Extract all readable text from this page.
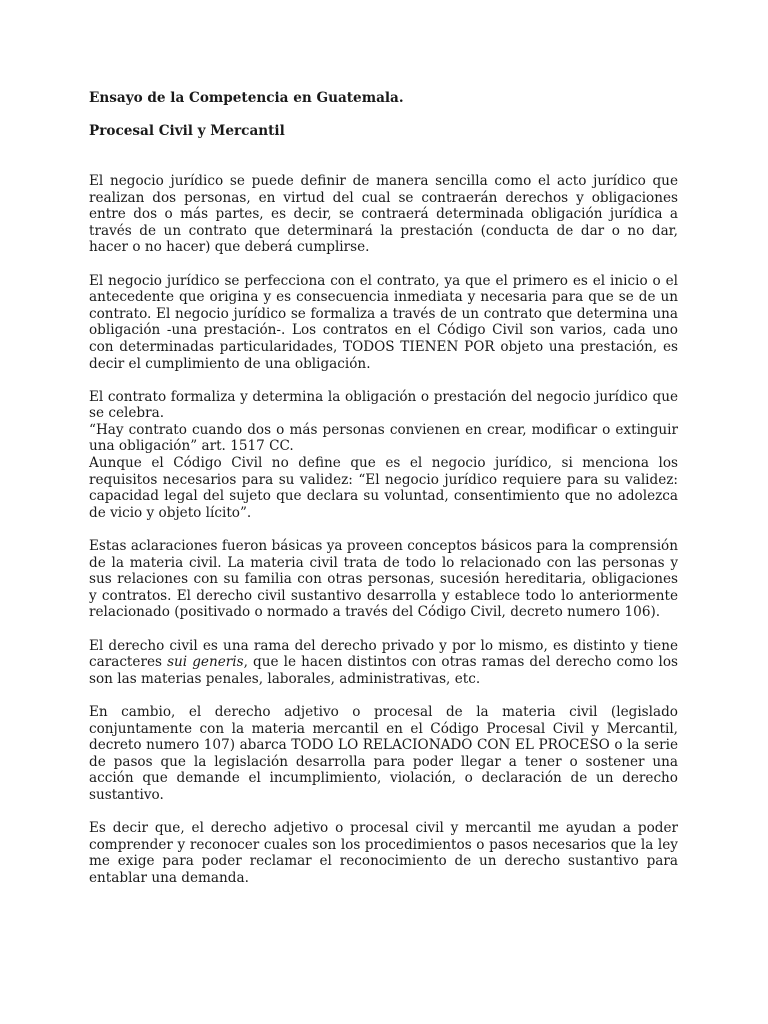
Ensayo de la Competencia en Guatemala.

Procesal Civil y Mercantil

El negocio jurídico se puede definir de manera sencilla como el acto jurídico que realizan dos personas, en virtud del cual se contraerán derechos y obligaciones entre dos o más partes, es decir, se contraerá determinada obligación jurídica a través de un contrato que determinará la prestación (conducta de dar o no dar, hacer o no hacer) que deberá cumplirse.

El negocio jurídico se perfecciona con el contrato, ya que el primero es el inicio o el antecedente que origina y es consecuencia inmediata y necesaria para que se de un contrato. El negocio jurídico se formaliza a través de un contrato que determina una obligación -una prestación-. Los contratos en el Código Civil son varios, cada uno con determinadas particularidades, TODOS TIENEN POR objeto una prestación, es decir el cumplimiento de una obligación.

El contrato formaliza y determina la obligación o prestación del negocio jurídico que se celebra.

“Hay contrato cuando dos o más personas convienen en crear, modificar o extinguir una obligación” art. 1517 CC.

Aunque el Código Civil no define que es el negocio jurídico, si menciona los requisitos necesarios para su validez: “El negocio jurídico requiere para su validez: capacidad legal del sujeto que declara su voluntad, consentimiento que no adolezca de vicio y objeto lícito”.

Estas aclaraciones fueron básicas ya proveen conceptos básicos para la comprensión de la materia civil. La materia civil trata de todo lo relacionado con las personas y sus relaciones con su familia con otras personas, sucesión hereditaria, obligaciones y contratos. El derecho civil sustantivo desarrolla y establece todo lo anteriormente relacionado (positivado o normado a través del Código Civil, decreto numero 106).

El derecho civil es una rama del derecho privado y por lo mismo, es distinto y tiene caracteres sui generis, que le hacen distintos con otras ramas del derecho como los son las materias penales, laborales, administrativas, etc.

En cambio, el derecho adjetivo o procesal de la materia civil (legislado conjuntamente con la materia mercantil en el Código Procesal Civil y Mercantil, decreto numero 107) abarca TODO LO RELACIONADO CON EL PROCESO o la serie de pasos que la legislación desarrolla para poder llegar a tener o sostener una acción que demande el incumplimiento, violación, o declaración de un derecho sustantivo.

Es decir que, el derecho adjetivo o procesal civil y mercantil me ayudan a poder comprender y reconocer cuales son los procedimientos o pasos necesarios que la ley me exige para poder reclamar el reconocimiento de un derecho sustantivo para entablar una demanda.
